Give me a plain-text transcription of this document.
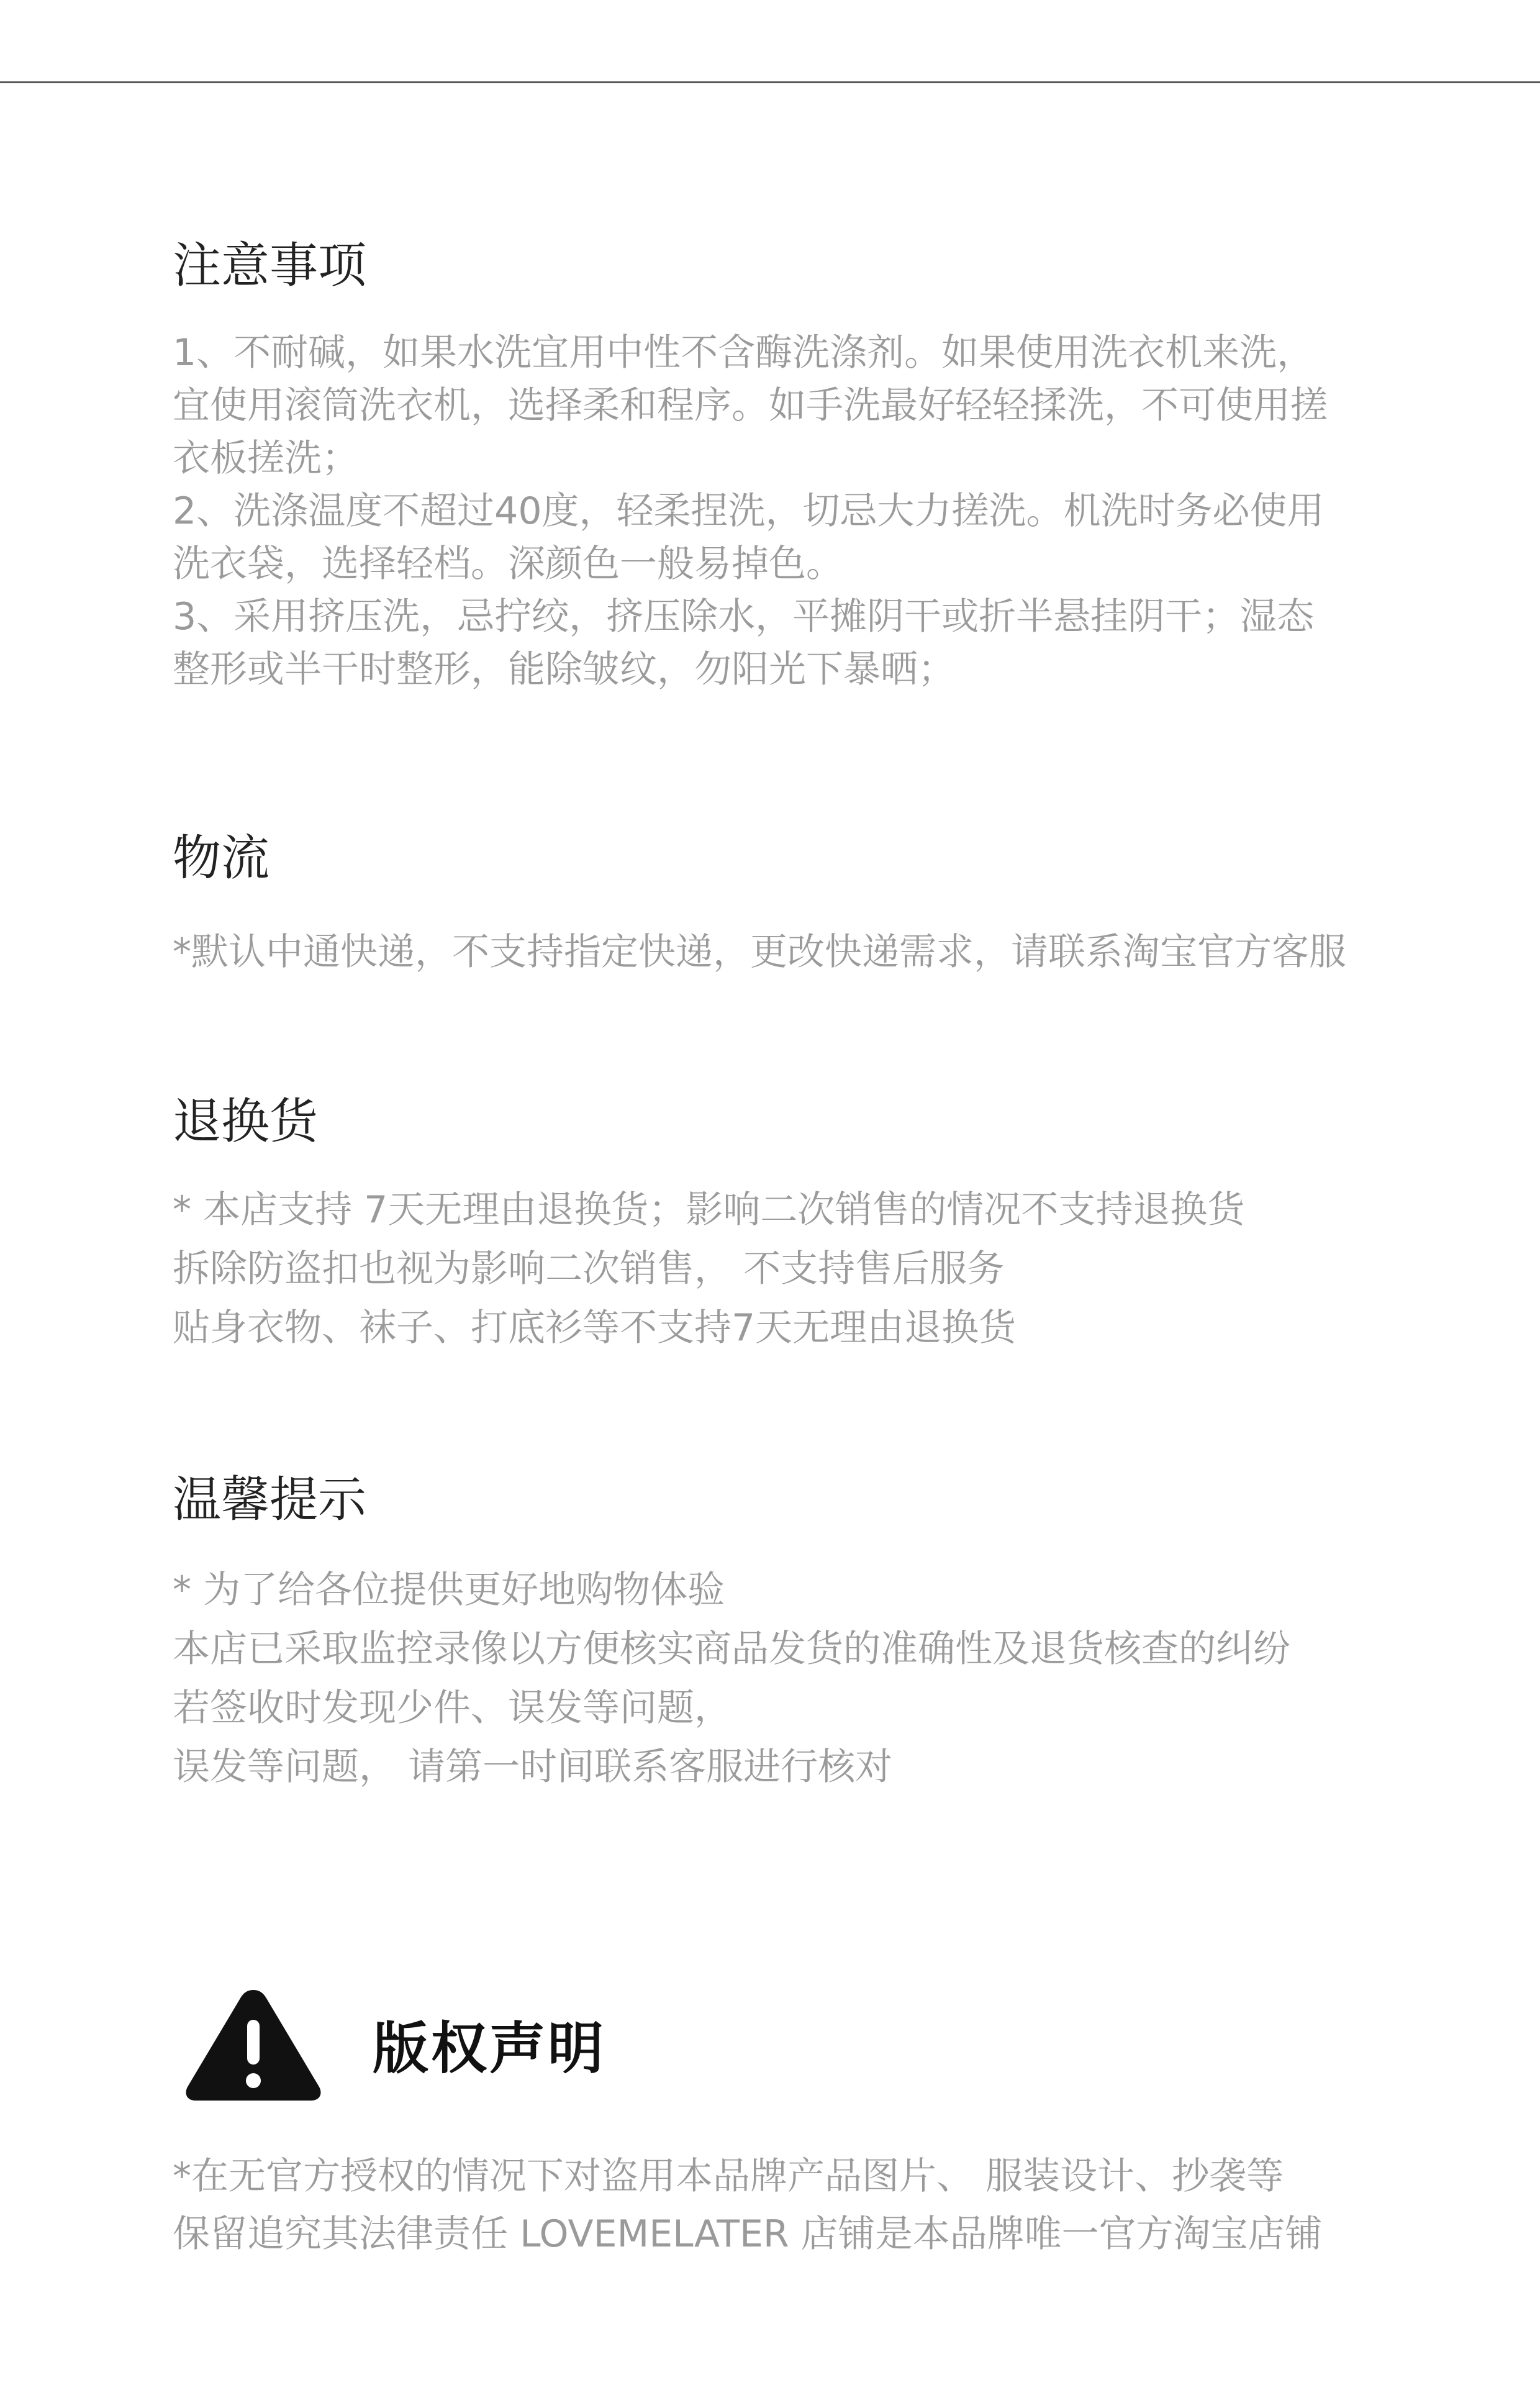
注意事项
1、不耐碱，如果水洗宜用中性不含酶洗涤剂。如果使用洗衣机来洗，
宜使用滚筒洗衣机，选择柔和程序。如手洗最好轻轻揉洗，不可使用搓
衣板搓洗；
2、洗涤温度不超过40度，轻柔捏洗，切忌大力搓洗。机洗时务必使用
洗衣袋，选择轻档。深颜色一般易掉色。
3、采用挤压洗，忌拧绞，挤压除水，平摊阴干或折半悬挂阴干；湿态
整形或半干时整形，能除皱纹，勿阳光下暴晒；
物流
*默认中通快递，不支持指定快递，更改快递需求，请联系淘宝官方客服
退换货
* 本店支持 7天无理由退换货；影响二次销售的情况不支持退换货
拆除防盗扣也视为影响二次销售， 不支持售后服务
贴身衣物、袜子、打底衫等不支持7天无理由退换货
温馨提示
* 为了给各位提供更好地购物体验
本店已采取监控录像以方便核实商品发货的准确性及退货核查的纠纷
若签收时发现少件、误发等问题，
误发等问题， 请第一时间联系客服进行核对
版权声明
*在无官方授权的情况下对盗用本品牌产品图片、 服装设计、抄袭等
保留追究其法律责任 LOVEMELATER 店铺是本品牌唯一官方淘宝店铺
